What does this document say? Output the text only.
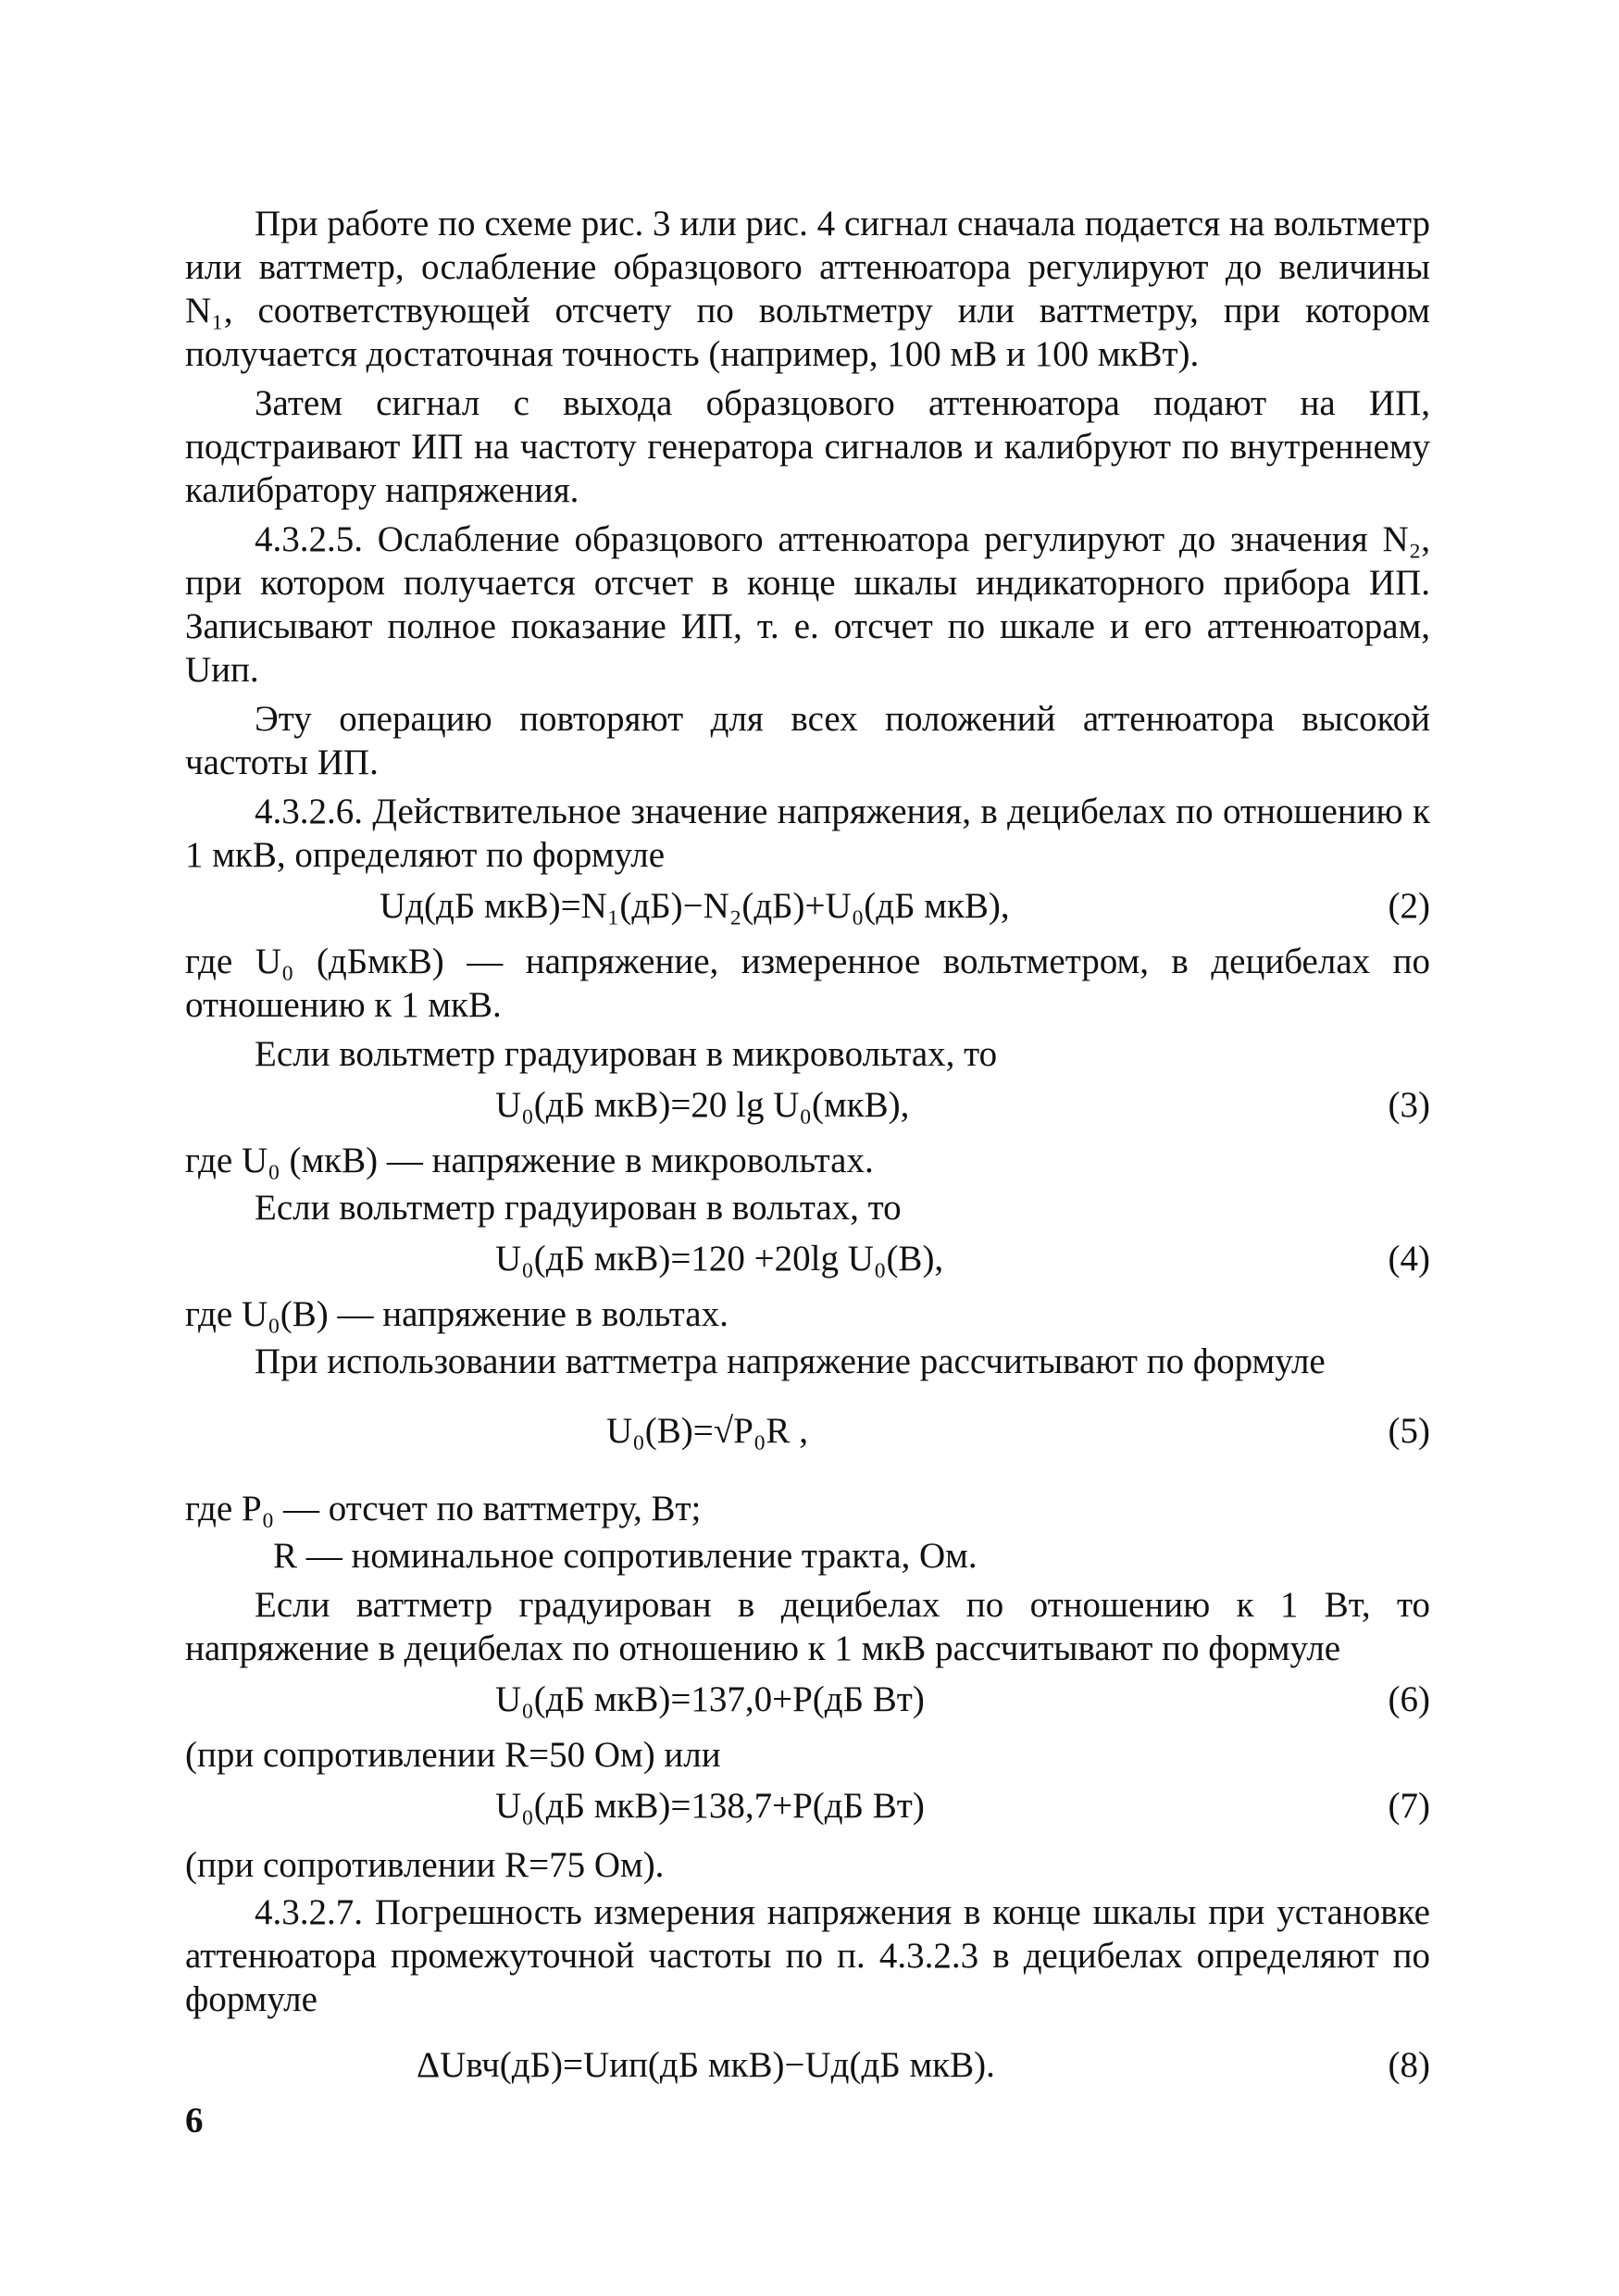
При работе по схеме рис. 3 или рис. 4 сигнал сначала подается на вольтметр или ваттметр, ослабление образцового аттенюатора регулируют до величины N₁, соответствующей отсчету по вольтметру или ваттметру, при котором получается достаточная точность (например, 100 мВ и 100 мкВт).

Затем сигнал с выхода образцового аттенюатора подают на ИП, подстраивают ИП на частоту генератора сигналов и калибруют по внутреннему калибратору напряжения.

4.3.2.5. Ослабление образцового аттенюатора регулируют до значения N₂, при котором получается отсчет в конце шкалы индикаторного прибора ИП. Записывают полное показание ИП, т. е. отсчет по шкале и его аттенюаторам, Uип.

Эту операцию повторяют для всех положений аттенюатора высокой частоты ИП.

4.3.2.6. Действительное значение напряжения, в децибелах по отношению к 1 мкВ, определяют по формуле

Uд(дБ мкВ)=N₁(дБ)−N₂(дБ)+U₀(дБ мкВ),	(2)

где U₀ (дБмкВ) — напряжение, измеренное вольтметром, в децибелах по отношению к 1 мкВ.

Если вольтметр градуирован в микровольтах, то

U₀(дБ мкВ)=20 lg U₀(мкВ),	(3)

где U₀ (мкВ) — напряжение в микровольтах.

Если вольтметр градуирован в вольтах, то

U₀(дБ мкВ)=120 +20lg U₀(В),	(4)

где U₀(B) — напряжение в вольтах.

При использовании ваттметра напряжение рассчитывают по формуле

U₀(B)=√P₀R ,	(5)

где P₀ — отсчет по ваттметру, Вт;

R — номинальное сопротивление тракта, Ом.

Если ваттметр градуирован в децибелах по отношению к 1 Вт, то напряжение в децибелах по отношению к 1 мкВ рассчитывают по формуле

U₀(дБ мкВ)=137,0+P(дБ Вт)	(6)

(при сопротивлении R=50 Ом) или

U₀(дБ мкВ)=138,7+P(дБ Вт)	(7)

(при сопротивлении R=75 Ом).

4.3.2.7. Погрешность измерения напряжения в конце шкалы при установке аттенюатора промежуточной частоты по п. 4.3.2.3 в децибелах определяют по формуле

ΔUвч(дБ)=Uип(дБ мкВ)−Uд(дБ мкВ).	(8)
6
